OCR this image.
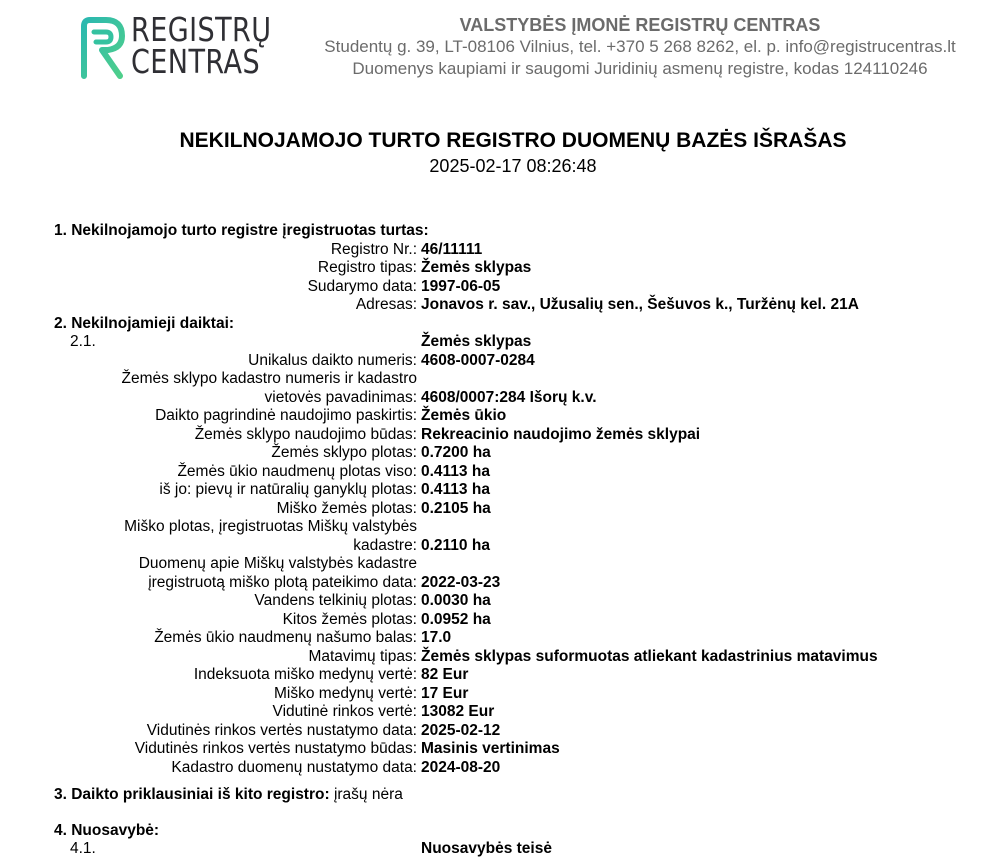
REGISTRŲ
CENTRAS
VALSTYBĖS ĮMONĖ REGISTRŲ CENTRAS
Studentų g. 39, LT-08106 Vilnius, tel. +370 5 268 8262, el. p. info@registrucentras.lt
Duomenys kaupiami ir saugomi Juridinių asmenų registre, kodas 124110246
NEKILNOJAMOJO TURTO REGISTRO DUOMENŲ BAZĖS IŠRAŠAS
2025-02-17 08:26:48
1. Nekilnojamojo turto registre įregistruotas turtas:
Registro Nr.: 46/11111
Registro tipas: Žemės sklypas
Sudarymo data: 1997-06-05
Adresas: Jonavos r. sav., Užusalių sen., Šešuvos k., Turžėnų kel. 21A
2. Nekilnojamieji daiktai:
2.1.	Žemės sklypas
Unikalus daikto numeris: 4608-0007-0284
Žemės sklypo kadastro numeris ir kadastro
vietovės pavadinimas: 4608/0007:284 Išorų k.v.
Daikto pagrindinė naudojimo paskirtis: Žemės ūkio
Žemės sklypo naudojimo būdas: Rekreacinio naudojimo žemės sklypai
Žemės sklypo plotas: 0.7200 ha
Žemės ūkio naudmenų plotas viso: 0.4113 ha
iš jo: pievų ir natūralių ganyklų plotas: 0.4113 ha
Miško žemės plotas: 0.2105 ha
Miško plotas, įregistruotas Miškų valstybės
kadastre: 0.2110 ha
Duomenų apie Miškų valstybės kadastre
įregistruotą miško plotą pateikimo data: 2022-03-23
Vandens telkinių plotas: 0.0030 ha
Kitos žemės plotas: 0.0952 ha
Žemės ūkio naudmenų našumo balas: 17.0
Matavimų tipas: Žemės sklypas suformuotas atliekant kadastrinius matavimus
Indeksuota miško medynų vertė: 82 Eur
Miško medynų vertė: 17 Eur
Vidutinė rinkos vertė: 13082 Eur
Vidutinės rinkos vertės nustatymo data: 2025-02-12
Vidutinės rinkos vertės nustatymo būdas: Masinis vertinimas
Kadastro duomenų nustatymo data: 2024-08-20
3. Daikto priklausiniai iš kito registro: įrašų nėra
4. Nuosavybė:
4.1.	Nuosavybės teisė
